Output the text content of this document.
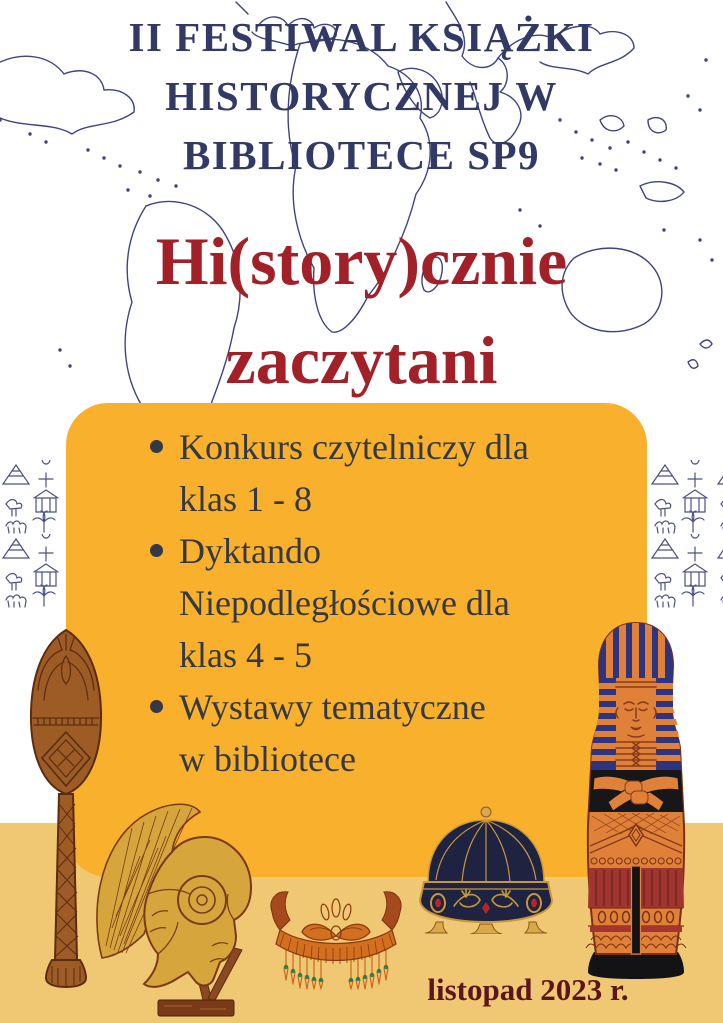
II FESTIWAL KSIĄŻKI
HISTORYCZNEJ W
BIBLIOTECE SP9
Hi(story)cznie
zaczytani
Konkurs czytelniczy dla
klas 1 - 8
Dyktando
Niepodległościowe dla
klas 4 - 5
Wystawy tematyczne
w bibliotece
listopad 2023 r.
